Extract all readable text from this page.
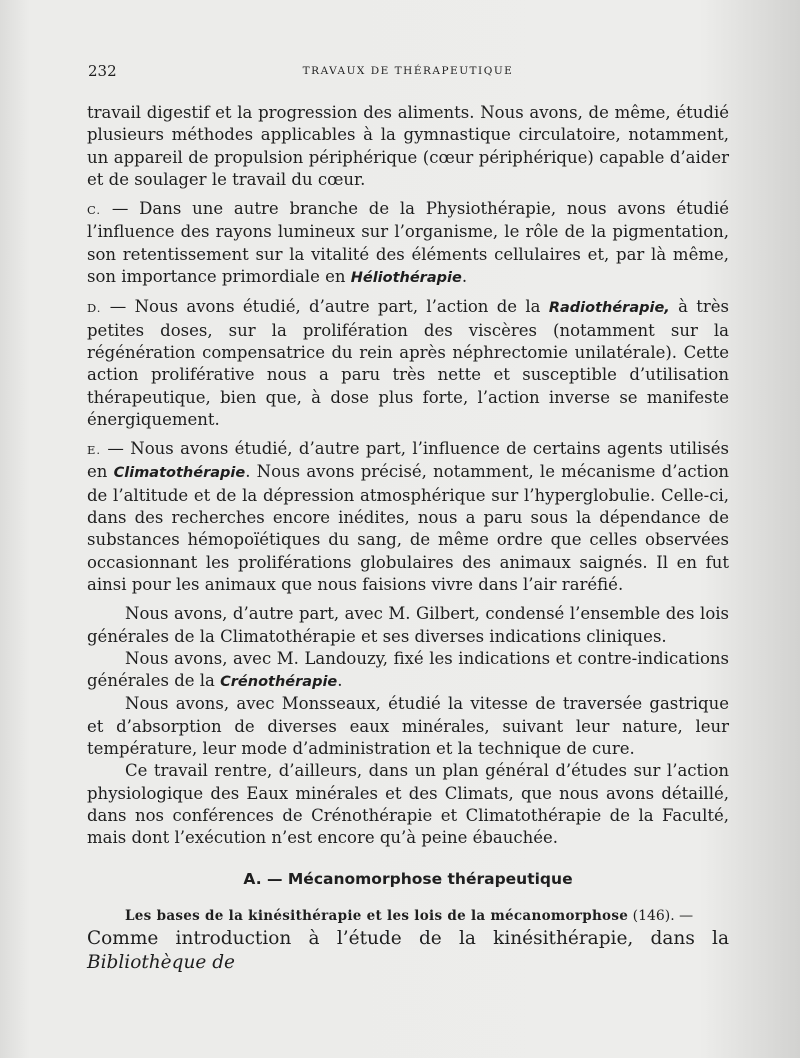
232	TRAVAUX DE THÉRAPEUTIQUE

travail digestif et la progression des aliments. Nous avons, de même, étudié plusieurs méthodes applicables à la gymnastique circulatoire, notamment, un appareil de propulsion périphérique (cœur périphérique) capable d’aider et de soulager le travail du cœur.

C. — Dans une autre branche de la Physiothérapie, nous avons étudié l’influence des rayons lumineux sur l’organisme, le rôle de la pigmentation, son retentissement sur la vitalité des éléments cellulaires et, par là même, son importance primordiale en Héliothérapie.

D. — Nous avons étudié, d’autre part, l’action de la Radiothérapie, à très petites doses, sur la prolifération des viscères (notamment sur la régénération compensatrice du rein après néphrectomie unilatérale). Cette action proliférative nous a paru très nette et susceptible d’utilisation thérapeutique, bien que, à dose plus forte, l’action inverse se manifeste énergiquement.

E. — Nous avons étudié, d’autre part, l’influence de certains agents utilisés en Climatothérapie. Nous avons précisé, notamment, le mécanisme d’action de l’altitude et de la dépression atmosphérique sur l’hyperglobulie. Celle-ci, dans des recherches encore inédites, nous a paru sous la dépendance de substances hémopoïétiques du sang, de même ordre que celles observées occasionnant les proliférations globulaires des animaux saignés. Il en fut ainsi pour les animaux que nous faisions vivre dans l’air raréfié.

Nous avons, d’autre part, avec M. Gilbert, condensé l’ensemble des lois générales de la Climatothérapie et ses diverses indications cliniques.

Nous avons, avec M. Landouzy, fixé les indications et contre-indications générales de la Crénothérapie.

Nous avons, avec Monsseaux, étudié la vitesse de traversée gastrique et d’absorption de diverses eaux minérales, suivant leur nature, leur température, leur mode d’administration et la technique de cure.

Ce travail rentre, d’ailleurs, dans un plan général d’études sur l’action physiologique des Eaux minérales et des Climats, que nous avons détaillé, dans nos conférences de Crénothérapie et Climatothérapie de la Faculté, mais dont l’exécution n’est encore qu’à peine ébauchée.

A. — Mécanomorphose thérapeutique
Les bases de la kinésithérapie et les lois de la mécanomorphose (146). —
Comme introduction à l’étude de la kinésithérapie, dans la Bibliothèque de
